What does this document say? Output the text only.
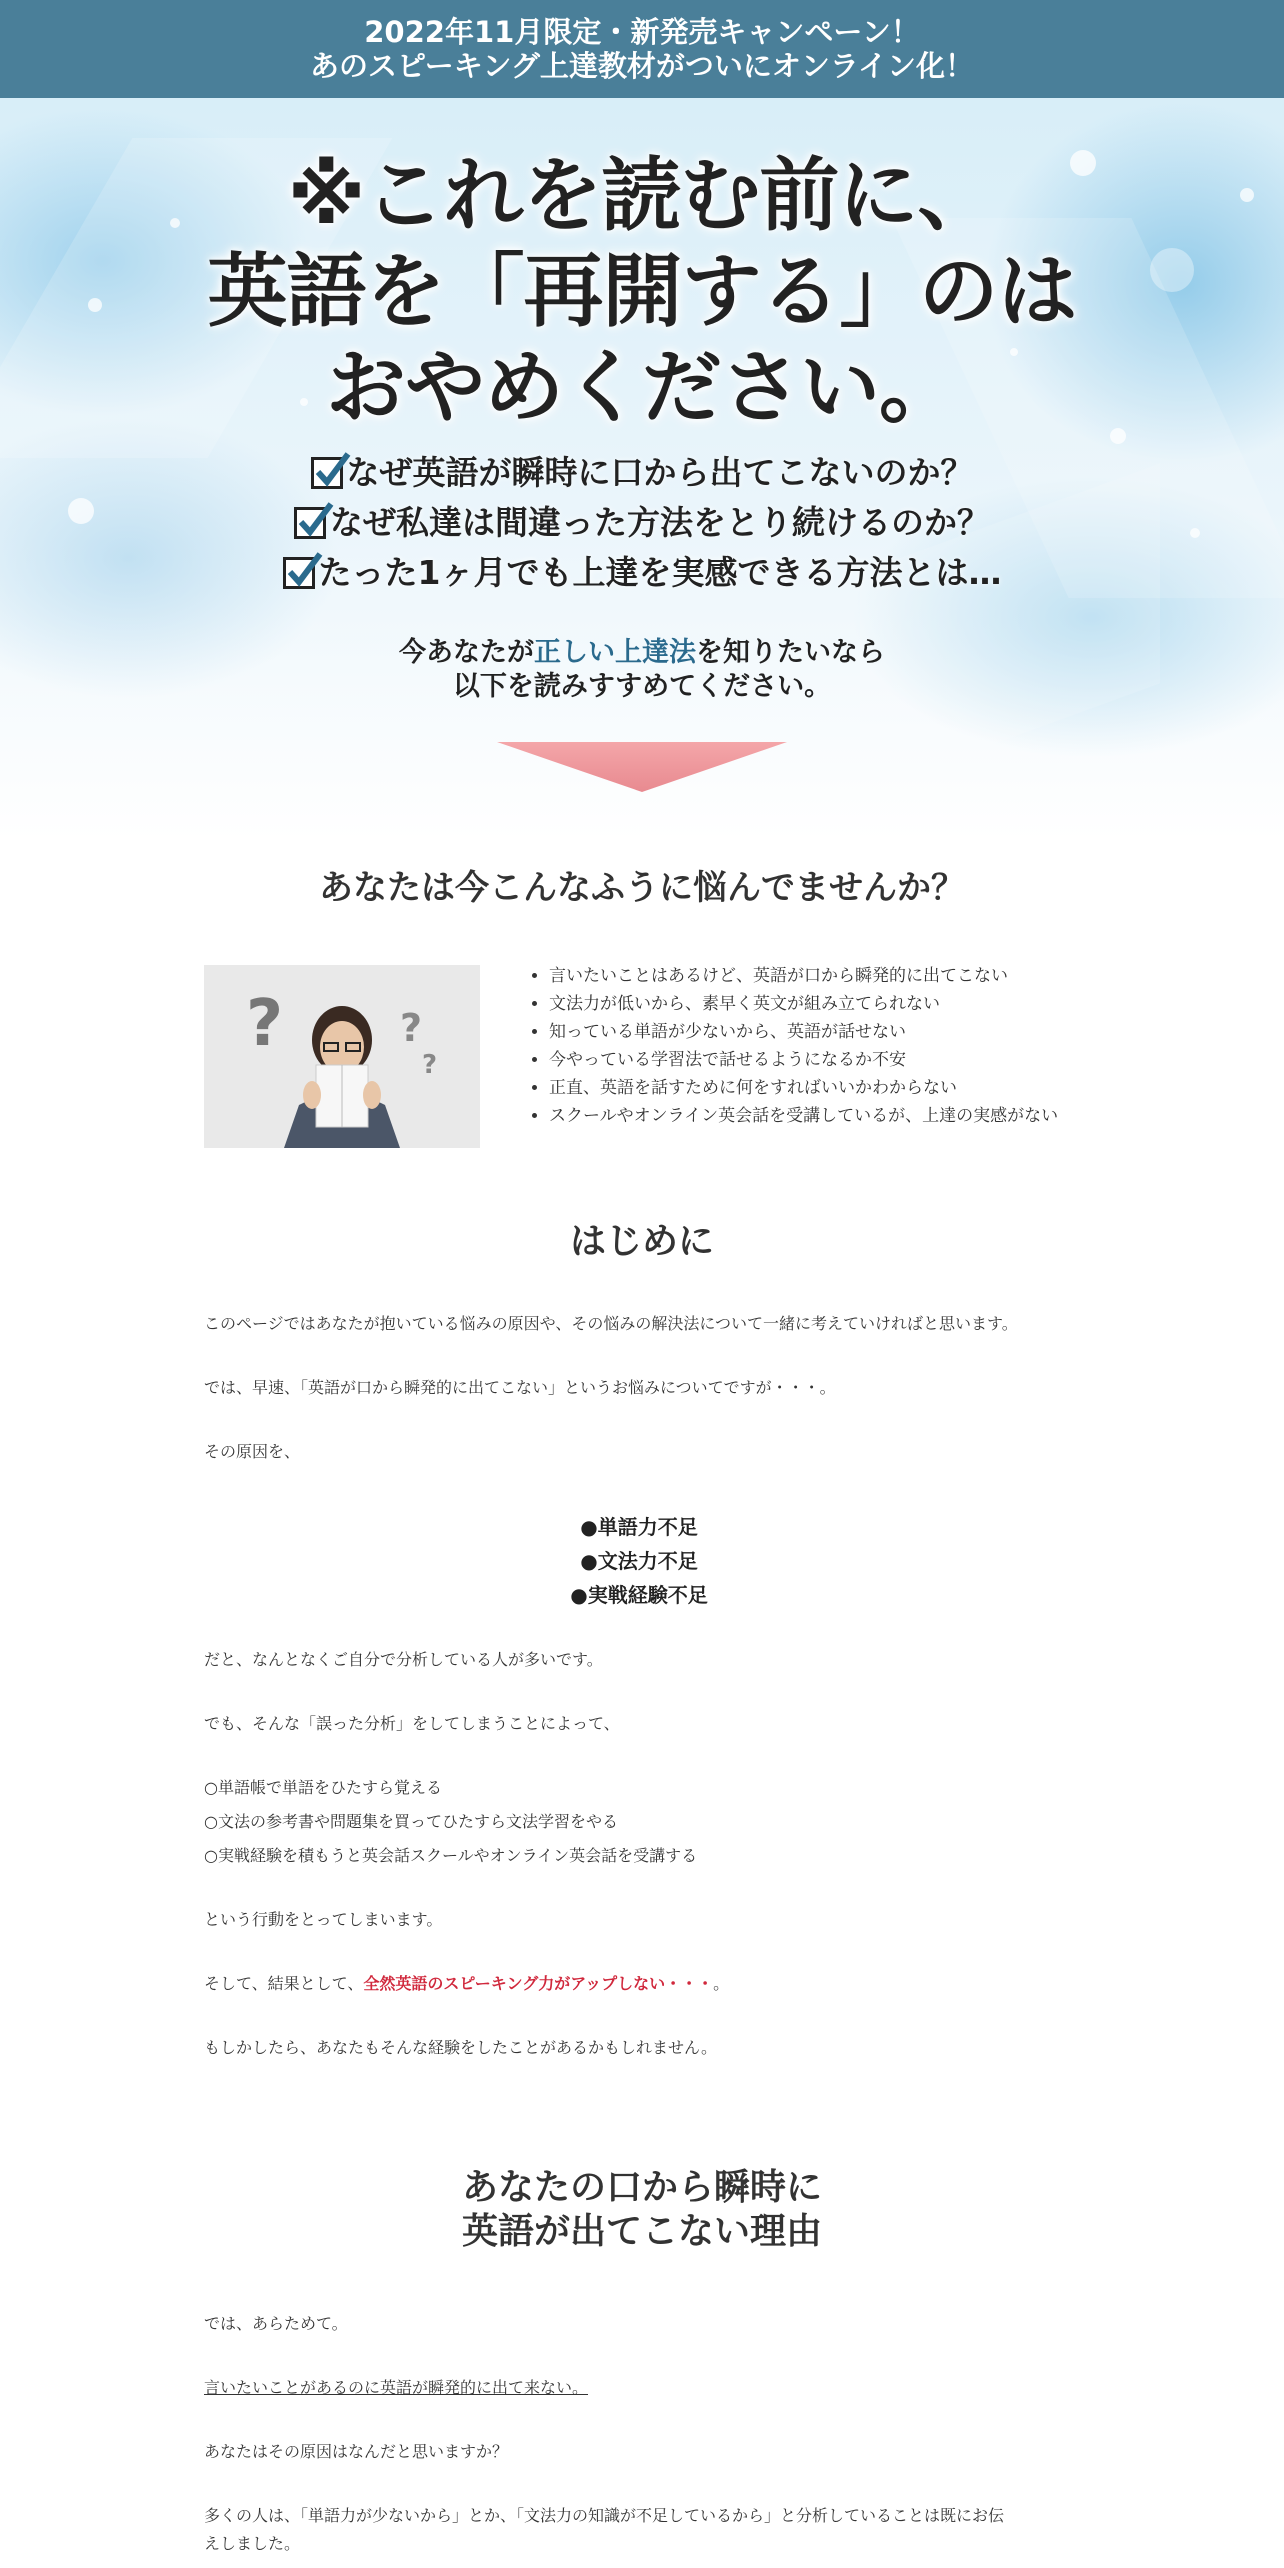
2022年11月限定・新発売キャンペーン！
あのスピーキング上達教材がついにオンライン化！
※これを読む前に、
英語を「再開する」のは
おやめください。
なぜ英語が瞬時に口から出てこないのか？
なぜ私達は間違った方法をとり続けるのか？
たった1ヶ月でも上達を実感できる方法とは…
今あなたが正しい上達法を知りたいなら
以下を読みすすめてください。
あなたは今こんなふうに悩んでませんか？
?	?
?
• 言いたいことはあるけど、英語が口から瞬発的に出てこない
• 文法力が低いから、素早く英文が組み立てられない
• 知っている単語が少ないから、英語が話せない
• 今やっている学習法で話せるようになるか不安
• 正直、英語を話すために何をすればいいかわからない
• スクールやオンライン英会話を受講しているが、上達の実感がない
はじめに

このページではあなたが抱いている悩みの原因や、その悩みの解決法について一緒に考えていければと思います。

では、早速、「英語が口から瞬発的に出てこない」というお悩みについてですが・・・。

その原因を、

●単語力不足
●文法力不足
●実戦経験不足

だと、なんとなくご自分で分析している人が多いです。

でも、そんな「誤った分析」をしてしまうことによって、

○単語帳で単語をひたすら覚える

○文法の参考書や問題集を買ってひたすら文法学習をやる

○実戦経験を積もうと英会話スクールやオンライン英会話を受講する

という行動をとってしまいます。

そして、結果として、全然英語のスピーキング力がアップしない・・・。

もしかしたら、あなたもそんな経験をしたことがあるかもしれません。

あなたの口から瞬時に
英語が出てこない理由

では、あらためて。

言いたいことがあるのに英語が瞬発的に出て来ない。

あなたはその原因はなんだと思いますか？

多くの人は、「単語力が少ないから」とか、「文法力の知識が不足しているから」と分析していることは既にお伝

えしました。
